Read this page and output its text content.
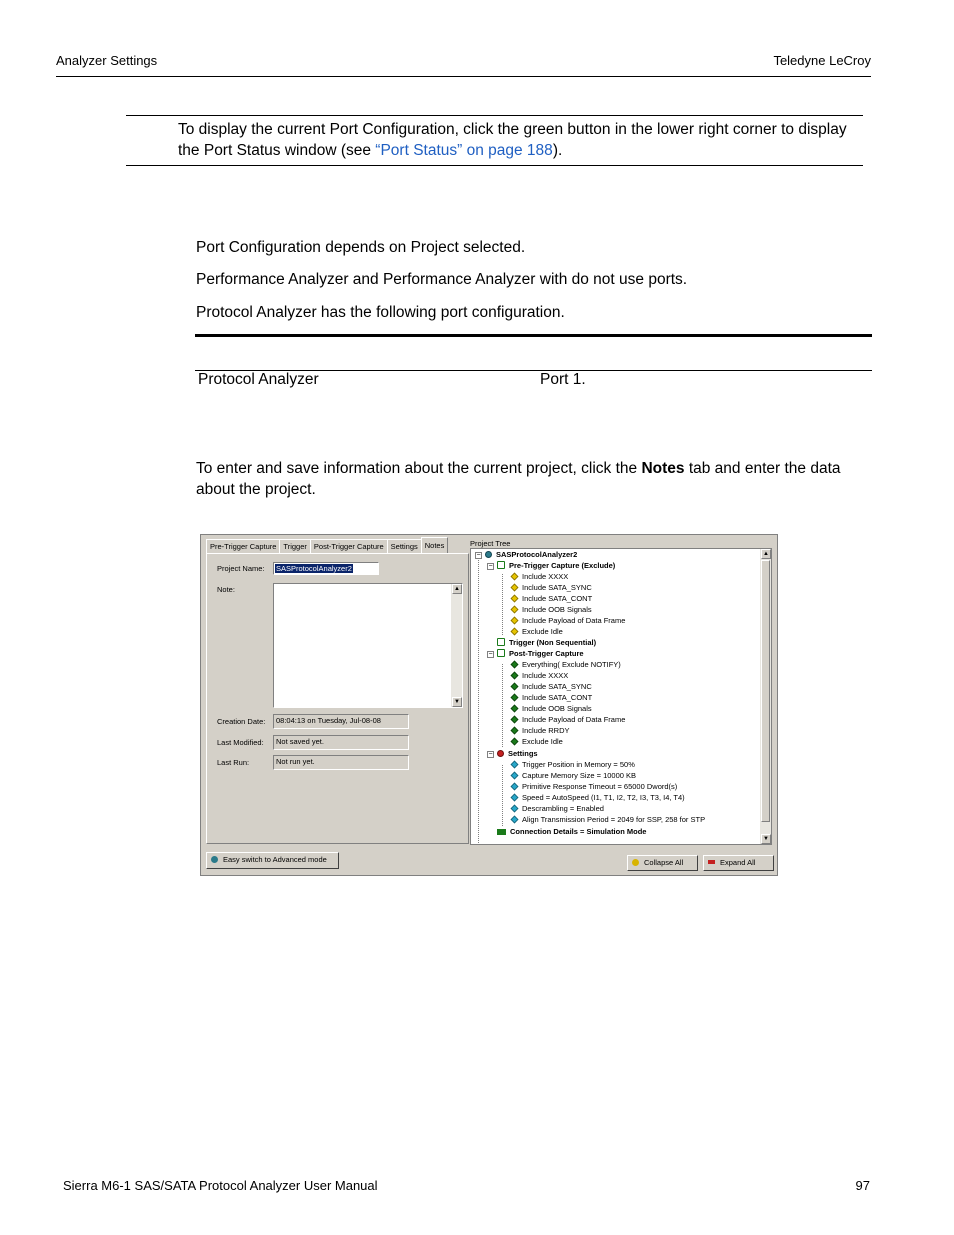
Analyzer Settings	Teledyne LeCroy
To display the current Port Configuration, click the green button in the lower right corner to display the Port Status window (see “Port Status” on page 188).
Port Configuration depends on Project selected.
Performance Analyzer and Performance Analyzer with do not use ports.
Protocol Analyzer has the following port configuration.
Protocol Analyzer	Port 1.
To enter and save information about the current project, click the Notes tab and enter the data about the project.
Pre-Trigger Capture Trigger Post-Trigger Capture Settings Notes
Project Name:	SASProtocolAnalyzer2
Note:	▲
▼
Creation Date:	08:04:13 on Tuesday, Jul-08-08
Last Modified:	Not saved yet.
Last Run:	Not run yet.
Project Tree
− SASProtocolAnalyzer2
− Pre-Trigger Capture (Exclude)
Include XXXX
Include SATA_SYNC
Include SATA_CONT
Include OOB Signals
Include Payload of Data Frame
Exclude Idle
Trigger (Non Sequential)
− Post-Trigger Capture
Everything( Exclude NOTIFY)
Include XXXX
Include SATA_SYNC
Include SATA_CONT
Include OOB Signals
Include Payload of Data Frame
Include RRDY
Exclude Idle
− Settings
Trigger Position in Memory = 50%
Capture Memory Size = 10000 KB
Primitive Response Timeout = 65000 Dword(s)
Speed = AutoSpeed (I1, T1, I2, T2, I3, T3, I4, T4)
Descrambling = Enabled
Align Transmission Period = 2049 for SSP, 258 for STP
Connection Details = Simulation Mode
▲
▼
Easy switch to Advanced mode	Collapse All	Expand All
Sierra M6-1 SAS/SATA Protocol Analyzer User Manual	97
